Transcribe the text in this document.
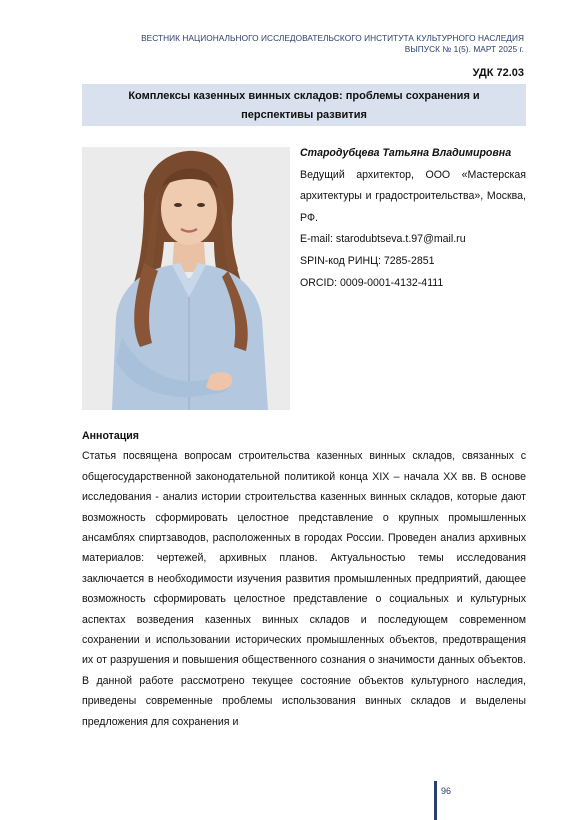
ВЕСТНИК НАЦИОНАЛЬНОГО ИССЛЕДОВАТЕЛЬСКОГО ИНСТИТУТА КУЛЬТУРНОГО НАСЛЕДИЯ
ВЫПУСК № 1(5). МАРТ 2025 г.
УДК 72.03
Комплексы казенных винных складов: проблемы сохранения и перспективы развития
Стародубцева Татьяна Владимировна
Ведущий архитектор, ООО «Мастерская архитектуры и градостроительства», Москва, РФ.
E-mail: starodubtseva.t.97@mail.ru
SPIN-код РИНЦ: 7285-2851
ORCID: 0009-0001-4132-4111
Аннотация
Статья посвящена вопросам строительства казенных винных складов, связанных с общегосударственной законодательной политикой конца XIX – начала XX вв. В основе исследования - анализ истории строительства казенных винных складов, которые дают возможность сформировать целостное представление о крупных промышленных ансамблях спиртзаводов, расположенных в городах России. Проведен анализ архивных материалов: чертежей, архивных планов. Актуальностью темы исследования заключается в необходимости изучения развития промышленных предприятий, дающее возможность сформировать целостное представление о социальных и культурных аспектах возведения казенных винных складов и последующем современном сохранении и использовании исторических промышленных объектов, предотвращения их от разрушения и повышения общественного сознания о значимости данных объектов. В данной работе рассмотрено текущее состояние объектов культурного наследия, приведены современные проблемы использования винных складов и выделены предложения для сохранения и
96
